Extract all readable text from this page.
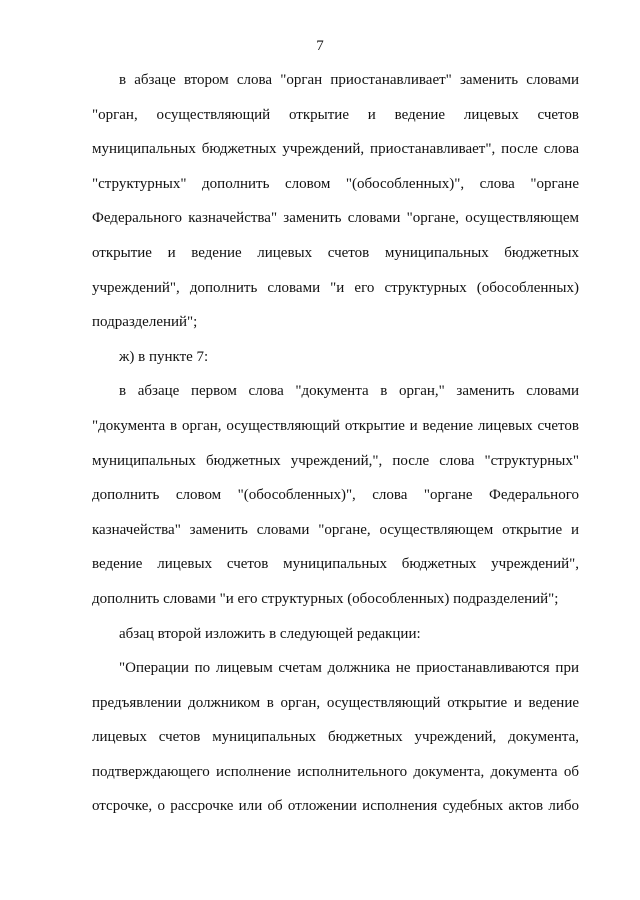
7
в абзаце втором слова "орган приостанавливает" заменить словами
"орган, осуществляющий открытие и ведение лицевых счетов
муниципальных бюджетных учреждений, приостанавливает", после слова
"структурных" дополнить словом "(обособленных)", слова "органе
Федерального казначейства" заменить словами "органе, осуществляющем
открытие и ведение лицевых счетов муниципальных бюджетных
учреждений", дополнить словами "и его структурных (обособленных)
подразделений";
ж) в пункте 7:
в абзаце первом слова "документа в орган," заменить словами
"документа в орган, осуществляющий открытие и ведение лицевых счетов
муниципальных бюджетных учреждений,", после слова "структурных"
дополнить словом "(обособленных)", слова "органе Федерального
казначейства" заменить словами "органе, осуществляющем открытие и
ведение лицевых счетов муниципальных бюджетных учреждений",
дополнить словами "и его структурных (обособленных) подразделений";
абзац второй изложить в следующей редакции:
"Операции по лицевым счетам должника не приостанавливаются при
предъявлении должником в орган, осуществляющий открытие и ведение
лицевых счетов муниципальных бюджетных учреждений, документа,
подтверждающего исполнение исполнительного документа, документа об
отсрочке, о рассрочке или об отложении исполнения судебных актов либо
